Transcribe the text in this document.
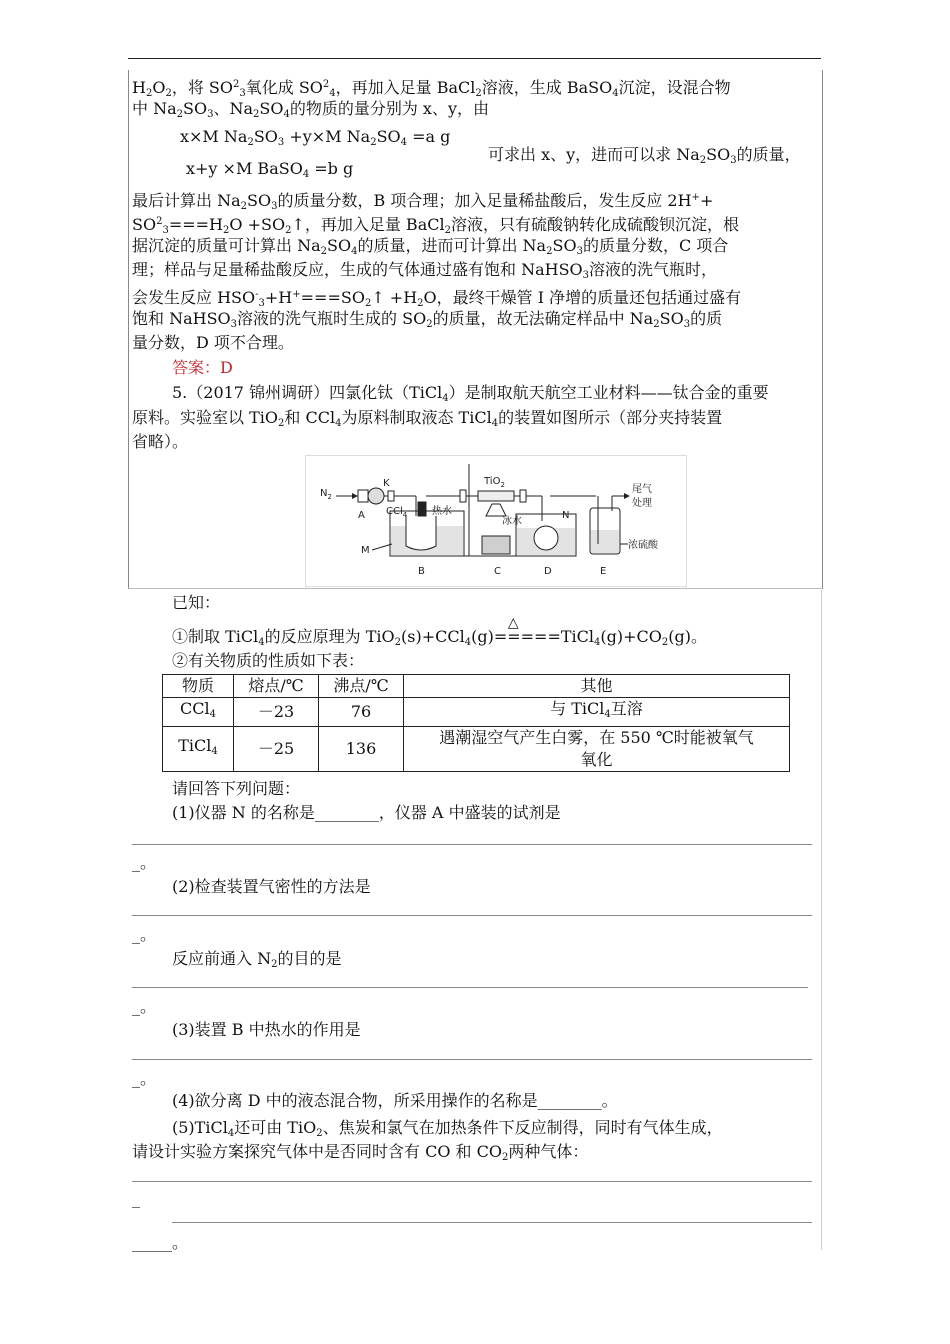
$H_2O_2$，将 $SO^2_3$氧化成 $SO^2_4$，再加入足量 BaCl$_2$溶液，生成 BaSO$_4$沉淀，设混合物
中 $Na_2SO_3$、$Na_2SO_4$的物质的量分别为 x、y，由
x×M $Na_2SO_3 +y\times M$ $Na_2SO_4 =a$ g
x+y ×M BaSO$_4$ =b g
可求出 x、y，进而可以求 $Na_2SO_3$的质量，
最后计算出 $Na_2SO_3$的质量分数，B 项合理；加入足量稀盐酸后，发生反应 2H++
$SO^2_3===H_2O$ $+SO_2↑$，再加入足量 BaCl$_2$溶液，只有硫酸钠转化成硫酸钡沉淀，根
据沉淀的质量可计算出 $Na_2SO_4$的质量，进而可计算出 $Na_2SO_3$的质量分数，C 项合
理；样品与足量稀盐酸反应，生成的气体通过盛有饱和 NaHSO$_3$溶液的洗气瓶时，
会发生反应 $HSO^-_3+H^+===SO_2↑ +H_2O$，最终干燥管 I 净增的质量还包括通过盛有
饱和 NaHSO$_3$溶液的洗气瓶时生成的 $SO_2$的质量，故无法确定样品中 $Na_2SO_3$的质
量分数，D 项不合理。
答案：D
5.（2017 锦州调研）四氯化钛（TiCl$_4$）是制取航天航空工业材料——钛合金的重要
原料。实验室以 TiO$_2$和 CCl$_4$为原料制取液态 TiCl$_4$的装置如图所示（部分夹持装置
省略）。
$N_2$
A
K
CCl$_4$ 热水
M
B
TiO$_2$
C
冰水
N
D
尾气
处理
浓硫酸
E
已知：
①制取 TiCl$_4$的反应原理为 TiO$_2$(s)+CCl$_4$(g)
△
$=====TiCl_4(g)+CO_2(g)$。
②有关物质的性质如下表：
物质	熔点/℃	沸点/℃	其他
CCl$_4$	－23	76	与 TiCl$_4$互溶
TiCl$_4$	－25	136	遇潮湿空气产生白雾，在 550 ℃时能被氧气
氧化
请回答下列问题：
(1)仪器 N 的名称是________，仪器 A 中盛装的试剂是
_。
(2)检查装置气密性的方法是
_。
反应前通入 $N_2$的目的是
_。
(3)装置 B 中热水的作用是
_。
(4)欲分离 D 中的液态混合物，所采用操作的名称是________。
(5)TiCl$_4$还可由 TiO$_2$、焦炭和氯气在加热条件下反应制得，同时有气体生成，
请设计实验方案探究气体中是否同时含有 CO 和 $CO_2$两种气体：
_
_____。
